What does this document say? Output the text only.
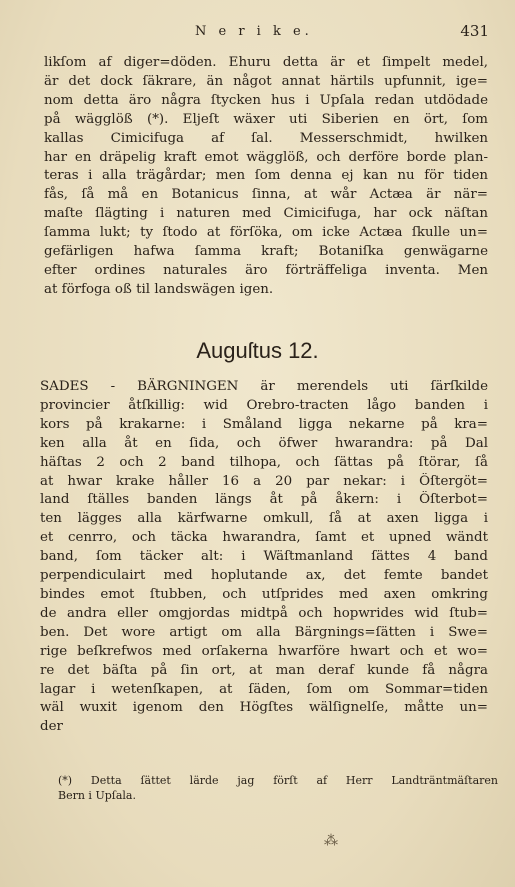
N e r i k e.	431
likſom af diger=döden. Ehuru detta är et ſimpelt medel,
är det dock ſäkrare, än något annat härtils upfunnit, ige=
nom detta äro några ſtycken hus i Upſala redan utdödade
på wägglöß (*). Eljeſt wäxer uti Siberien en ört, ſom
kallas Cimicifuga af ſal. Messerschmidt, hwilken
har en dräpelig kraft emot wägglöß, och derföre borde plan-
teras i alla trägårdar; men ſom denna ej kan nu för tiden
fås, ſå må en Botanicus ſinna, at wår Actæa är när=
maſte ſlägting i naturen med Cimicifuga, har ock näſtan
ſamma lukt; ty ſtodo at förſöka, om icke Actæa ſkulle un=
gefärligen hafwa ſamma kraft; Botaniſka genwägarne
efter ordines naturales äro förträffeliga inventa. Men
at förfoga oß til landswägen igen.
Auguſtus 12.
SADES - BÄRGNINGEN är merendels uti ſärſkilde
provincier åtſkillig: wid Orebro-tracten lågo banden i
kors på krakarne: i Småland ligga nekarne på kra=
ken alla åt en ſida, och öfwer hwarandra: på Dal
häſtas 2 och 2 band tilhopa, och ſättas på ſtörar, ſå
at hwar krake håller 16 a 20 par nekar: i Öſtergöt=
land ſtälles banden längs åt på åkern: i Öſterbot=
ten lägges alla kärfwarne omkull, ſå at axen ligga i
et cenrro, och täcka hwarandra, ſamt et upned wändt
band, ſom täcker alt: i Wäſtmanland ſättes 4 band
perpendiculairt med hoplutande ax, det femte bandet
bindes emot ſtubben, och utſprides med axen omkring
de andra eller omgjordas midtpå och hopwrides wid ſtub=
ben. Det wore artigt om alla Bärgnings=ſätten i Swe=
rige beſkrefwos med orſakerna hwarföre hwart och et wo=
re det bäſta på ſin ort, at man deraf kunde få några
lagar i wetenſkapen, at ſäden, ſom om Sommar=tiden
wäl wuxit igenom den Högſtes wälſignelſe, måtte un=
der
(*) Detta ſättet lärde jag förſt af Herr Landträntmäſtaren
Bern i Upſala.
⁂
